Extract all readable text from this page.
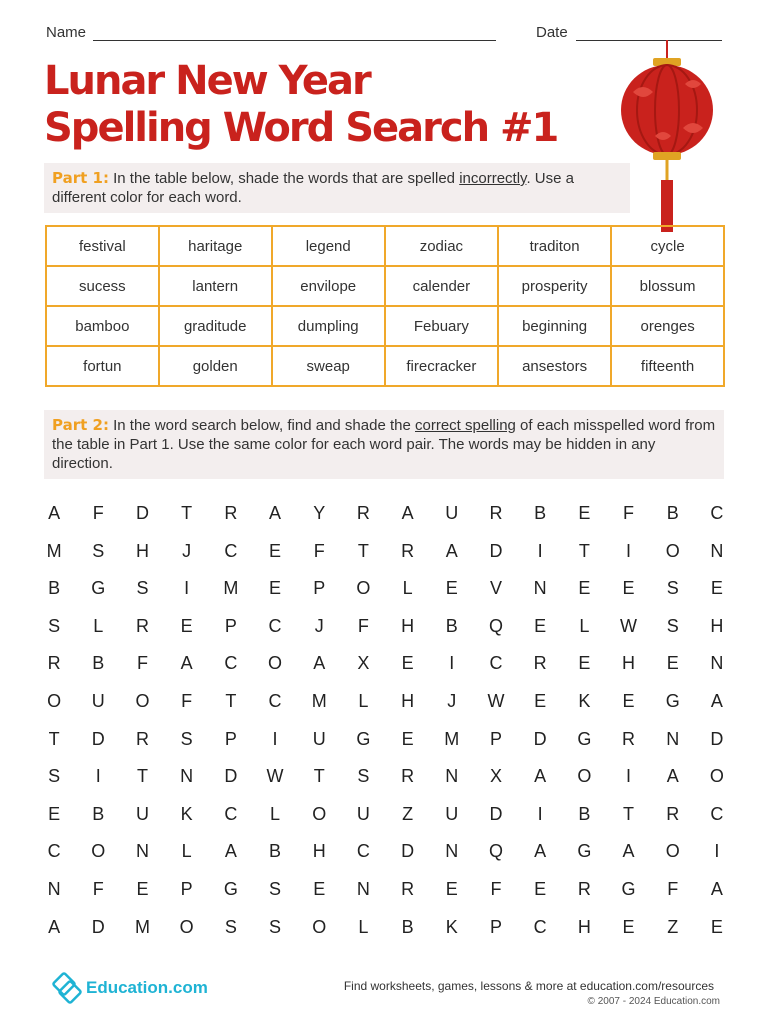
Name	Date
Lunar New Year
Spelling Word Search #1
Part 1: In the table below, shade the words that are spelled incorrectly. Use a different color for each word.
festival	haritage	legend	zodiac	traditon	cycle
sucess	lantern	envilope	calender	prosperity	blossum
bamboo	graditude	dumpling	Febuary	beginning	orenges
fortun	golden	sweap	firecracker	ansestors	fifteenth
Part 2: In the word search below, find and shade the correct spelling of each misspelled word from the table in Part 1. Use the same color for each word pair. The words may be hidden in any direction.
A	F	D	T	R	A	Y	R	A	U	R	B	E	F	B	C
M	S	H	J	C	E	F	T	R	A	D	I	T	I	O	N
B	G	S	I	M	E	P	O	L	E	V	N	E	E	S	E
S	L	R	E	P	C	J	F	H	B	Q	E	L	W	S	H
R	B	F	A	C	O	A	X	E	I	C	R	E	H	E	N
O	U	O	F	T	C	M	L	H	J	W	E	K	E	G	A
T	D	R	S	P	I	U	G	E	M	P	D	G	R	N	D
S	I	T	N	D	W	T	S	R	N	X	A	O	I	A	O
E	B	U	K	C	L	O	U	Z	U	D	I	B	T	R	C
C	O	N	L	A	B	H	C	D	N	Q	A	G	A	O	I
N	F	E	P	G	S	E	N	R	E	F	E	R	G	F	A
A	D	M	O	S	S	O	L	B	K	P	C	H	E	Z	E
Education.com	Find worksheets, games, lessons & more at education.com/resources
© 2007 - 2024 Education.com
